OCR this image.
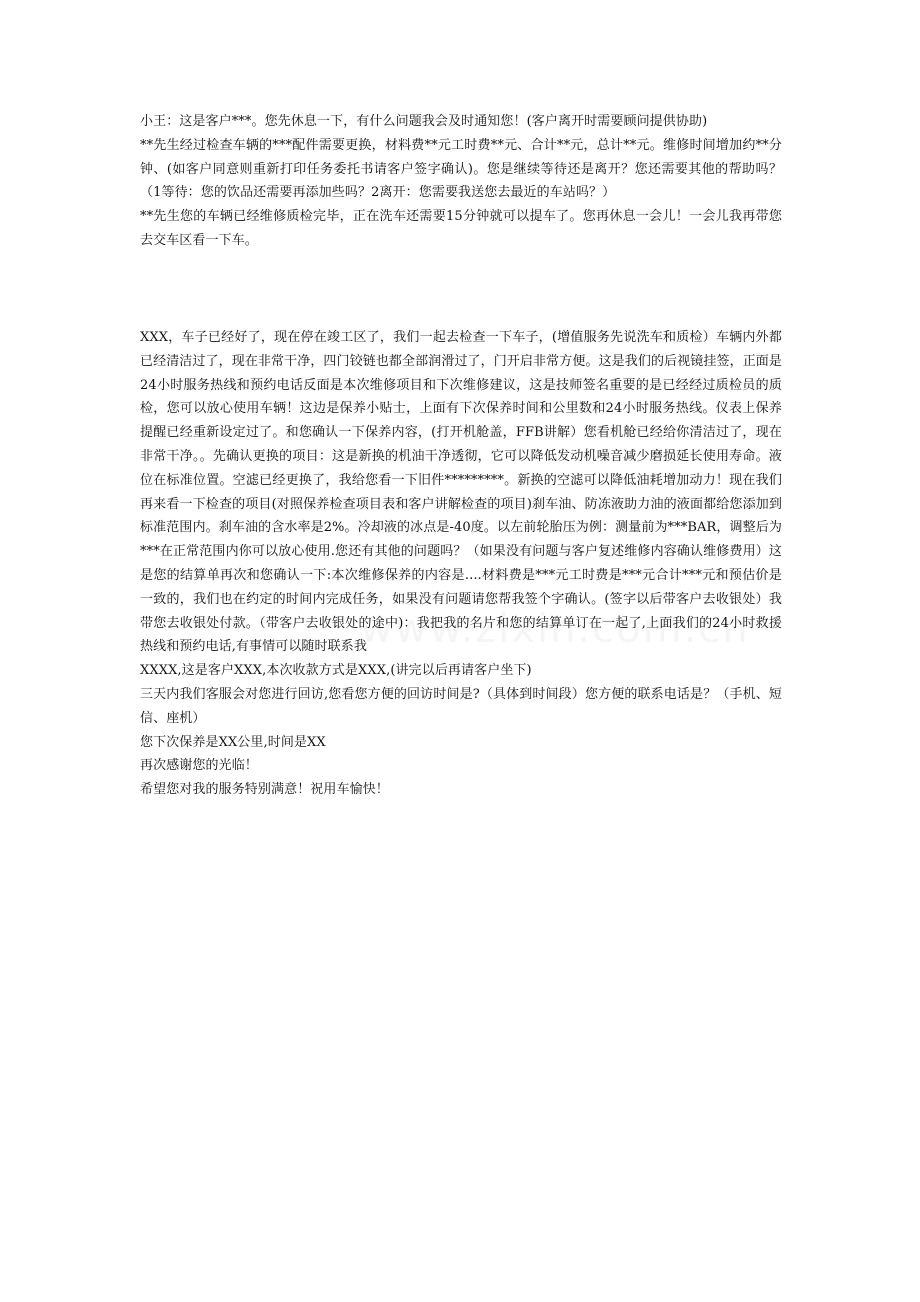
小王：这是客户***。您先休息一下，有什么问题我会及时通知您！(客户离开时需要顾问提供协助)

**先生经过检查车辆的***配件需要更换，材料费**元工时费**元、合计**元，总计**元。维修时间增加约**分钟、(如客户同意则重新打印任务委托书请客户签字确认)。您是继续等待还是离开？您还需要其他的帮助吗？（1等待：您的饮品还需要再添加些吗？2离开：您需要我送您去最近的车站吗？）

**先生您的车辆已经维修质检完毕，正在洗车还需要15分钟就可以提车了。您再休息一会儿！一会儿我再带您去交车区看一下车。

XXX，车子已经好了，现在停在竣工区了，我们一起去检查一下车子，(增值服务先说洗车和质检）车辆内外都已经清洁过了，现在非常干净，四门铰链也都全部润滑过了，门开启非常方便。这是我们的后视镜挂签，正面是24小时服务热线和预约电话反面是本次维修项目和下次维修建议，这是技师签名重要的是已经经过质检员的质检，您可以放心使用车辆！这边是保养小贴士，上面有下次保养时间和公里数和24小时服务热线。仪表上保养提醒已经重新设定过了。和您确认一下保养内容，(打开机舱盖，FFB讲解）您看机舱已经给你清洁过了，现在非常干净。。先确认更换的项目：这是新换的机油干净透彻，它可以降低发动机噪音减少磨损延长使用寿命。液位在标准位置。空滤已经更换了，我给您看一下旧件*********。新换的空滤可以降低油耗增加动力！现在我们再来看一下检查的项目(对照保养检查项目表和客户讲解检查的项目)刹车油、防冻液助力油的液面都给您添加到标准范围内。刹车油的含水率是2%。冷却液的冰点是-40度。以左前轮胎压为例：测量前为***BAR，调整后为***在正常范围内你可以放心使用.您还有其他的问题吗？（如果没有问题与客户复述维修内容确认维修费用）这是您的结算单再次和您确认一下:本次维修保养的内容是....材料费是***元工时费是***元合计***元和预估价是一致的，我们也在约定的时间内完成任务，如果没有问题请您帮我签个字确认。(签字以后带客户去收银处）我带您去收银处付款。（带客户去收银处的途中)：我把我的名片和您的结算单订在一起了,上面我们的24小时救援热线和预约电话,有事情可以随时联系我

XXXX,这是客户XXX,本次收款方式是XXX,(讲完以后再请客户坐下)

三天内我们客服会对您进行回访,您看您方便的回访时间是?（具体到时间段）您方便的联系电话是？（手机、短信、座机）

您下次保养是XX公里,时间是XX

再次感谢您的光临！

希望您对我的服务特别满意！祝用车愉快！
